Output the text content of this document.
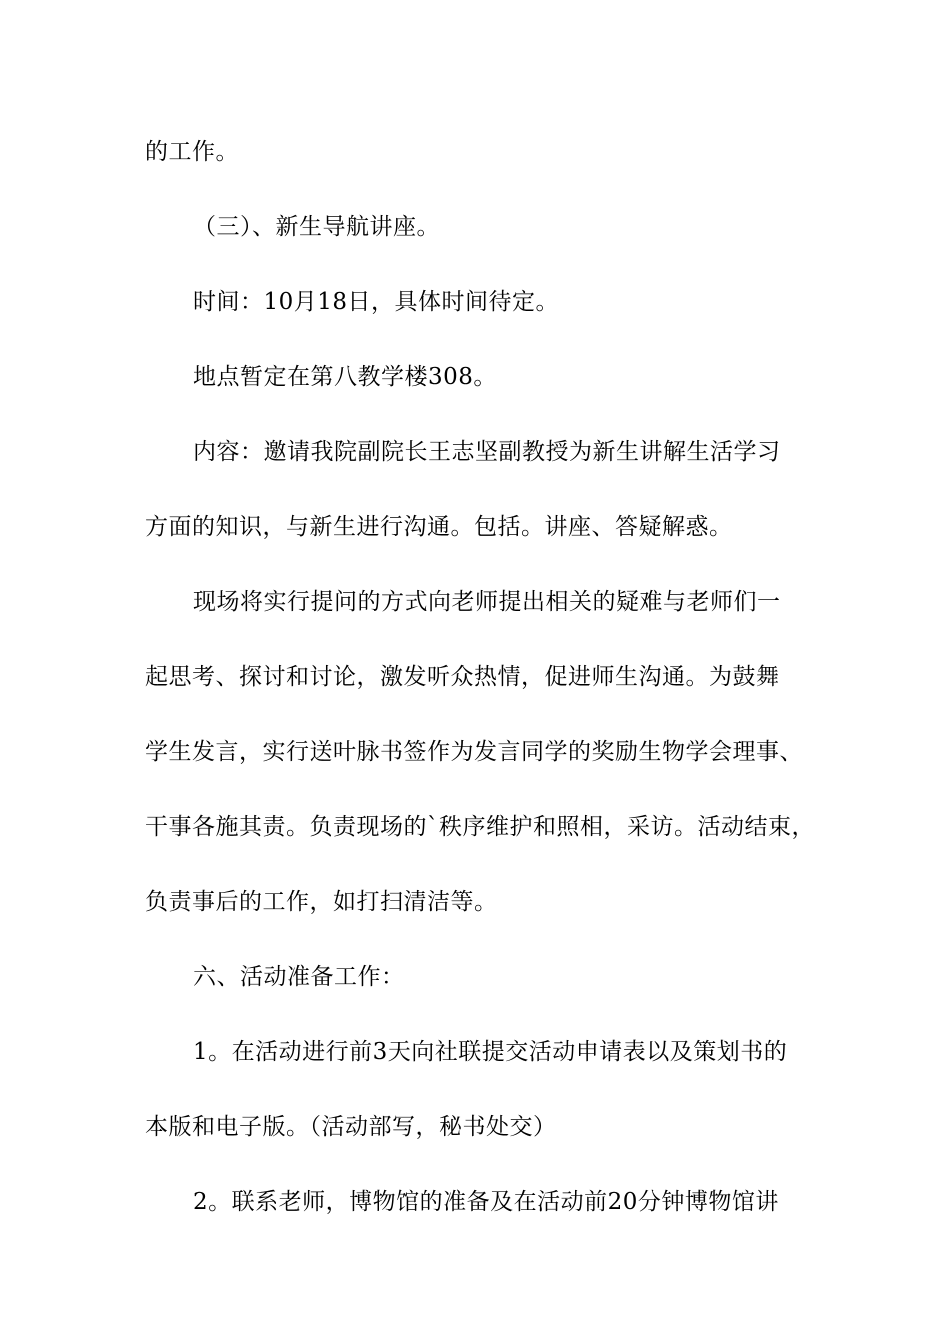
的工作。
（三）、新生导航讲座。
时间：10月18日，具体时间待定。
地点暂定在第八教学楼308。
内容：邀请我院副院长王志坚副教授为新生讲解生活学习
方面的知识，与新生进行沟通。包括。讲座、答疑解惑。
现场将实行提问的方式向老师提出相关的疑难与老师们一
起思考、探讨和讨论，激发听众热情，促进师生沟通。为鼓舞
学生发言，实行送叶脉书签作为发言同学的奖励生物学会理事、
干事各施其责。负责现场的`秩序维护和照相，采访。活动结束，
负责事后的工作，如打扫清洁等。
六、活动准备工作：
1。在活动进行前3天向社联提交活动申请表以及策划书的
本版和电子版。（活动部写，秘书处交）
2。联系老师，博物馆的准备及在活动前20分钟博物馆讲
